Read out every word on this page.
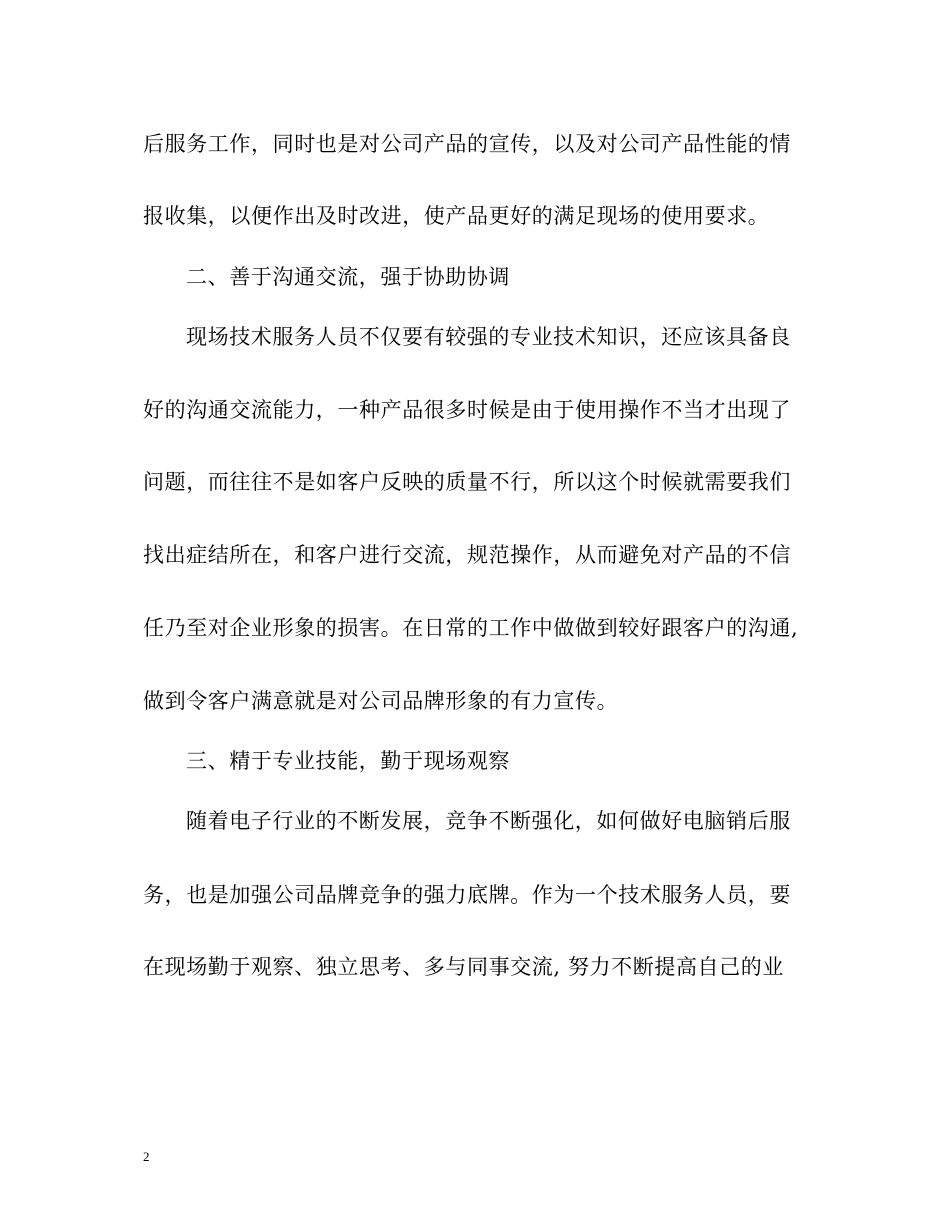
后服务工作，同时也是对公司产品的宣传，以及对公司产品性能的情
报收集，以便作出及时改进，使产品更好的满足现场的使用要求。
二、善于沟通交流，强于协助协调
现场技术服务人员不仅要有较强的专业技术知识，还应该具备良
好的沟通交流能力，一种产品很多时候是由于使用操作不当才出现了
问题，而往往不是如客户反映的质量不行，所以这个时候就需要我们
找出症结所在，和客户进行交流，规范操作，从而避免对产品的不信
任乃至对企业形象的损害。在日常的工作中做做到较好跟客户的沟通,
做到令客户满意就是对公司品牌形象的有力宣传。
三、精于专业技能，勤于现场观察
随着电子行业的不断发展，竞争不断强化，如何做好电脑销后服
务，也是加强公司品牌竞争的强力底牌。作为一个技术服务人员，要
在现场勤于观察、独立思考、多与同事交流, 努力不断提高自己的业
2
